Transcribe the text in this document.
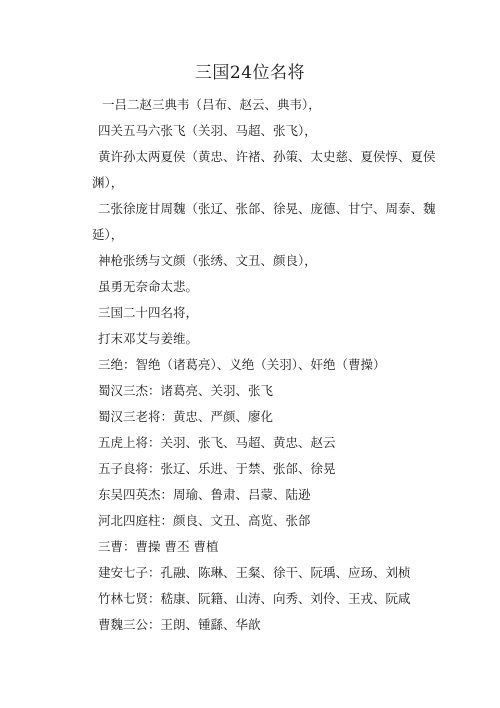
三国24位名将
一吕二赵三典韦（吕布、赵云、典韦），
四关五马六张飞（关羽、马超、张飞），
黄许孙太两夏侯（黄忠、许褚、孙策、太史慈、夏侯惇、夏侯
渊），
二张徐庞甘周魏（张辽、张郃、徐晃、庞德、甘宁、周泰、魏
延），
神枪张绣与文颜（张绣、文丑、颜良），
虽勇无奈命太悲。
三国二十四名将，
打末邓艾与姜维。
三绝：智绝（诸葛亮）、义绝（关羽）、奸绝（曹操）
蜀汉三杰：诸葛亮、关羽、张飞
蜀汉三老将：黄忠、严颜、廖化
五虎上将：关羽、张飞、马超、黄忠、赵云
五子良将：张辽、乐进、于禁、张郃、徐晃
东吴四英杰：周瑜、鲁肃、吕蒙、陆逊
河北四庭柱：颜良、文丑、高览、张郃
三曹：曹操 曹丕 曹植
建安七子：孔融、陈琳、王粲、徐干、阮瑀、应玚、刘桢
竹林七贤：嵇康、阮籍、山涛、向秀、刘伶、王戎、阮咸
曹魏三公：王朗、锺繇、华歆
